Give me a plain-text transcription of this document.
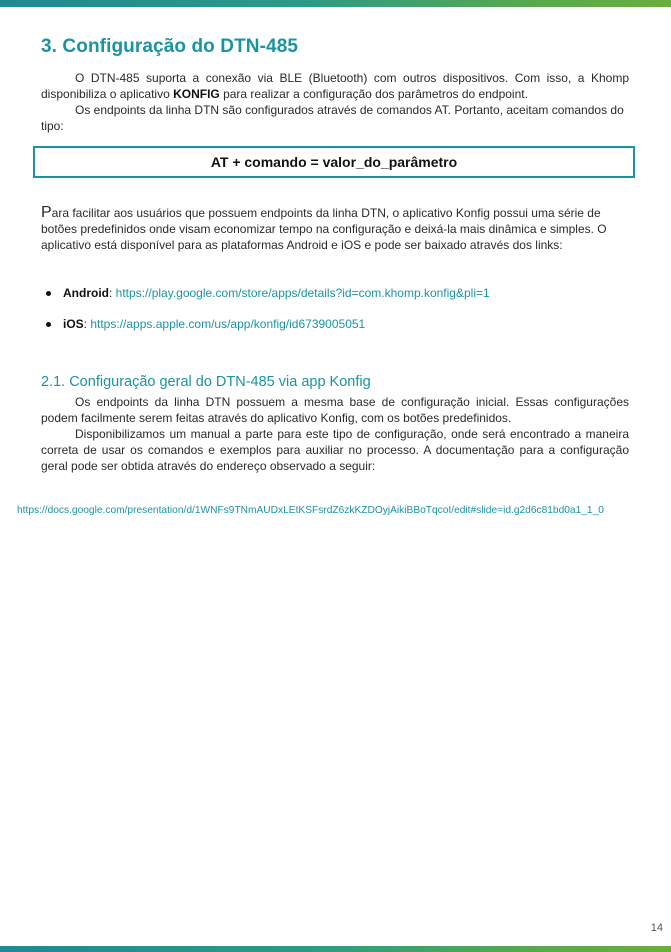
3. Configuração do DTN-485

O DTN-485 suporta a conexão via BLE (Bluetooth) com outros dispositivos. Com isso, a Khomp disponibiliza o aplicativo KONFIG para realizar a configuração dos parâmetros do endpoint.

Os endpoints da linha DTN são configurados através de comandos AT. Portanto, aceitam comandos do tipo:

AT + comando = valor_do_parâmetro

Para facilitar aos usuários que possuem endpoints da linha DTN, o aplicativo Konfig possui uma série de botões predefinidos onde visam economizar tempo na configuração e deixá-la mais dinâmica e simples. O aplicativo está disponível para as plataformas Android e iOS e pode ser baixado através dos links:

Android: https://play.google.com/store/apps/details?id=com.khomp.konfig&pli=1
iOS: https://apps.apple.com/us/app/konfig/id6739005051
2.1. Configuração geral do DTN-485 via app Konfig

Os endpoints da linha DTN possuem a mesma base de configuração inicial. Essas configurações podem facilmente serem feitas através do aplicativo Konfig, com os botões predefinidos.

Disponibilizamos um manual a parte para este tipo de configuração, onde será encontrado a maneira correta de usar os comandos e exemplos para auxiliar no processo. A documentação para a configuração geral pode ser obtida através do endereço observado a seguir:

https://docs.google.com/presentation/d/1WNFs9TNmAUDxLEtKSFsrdZ6zkKZDOyjAikiBBoTqcoI/edit#slide=id.g2d6c81bd0a1_1_0
14
